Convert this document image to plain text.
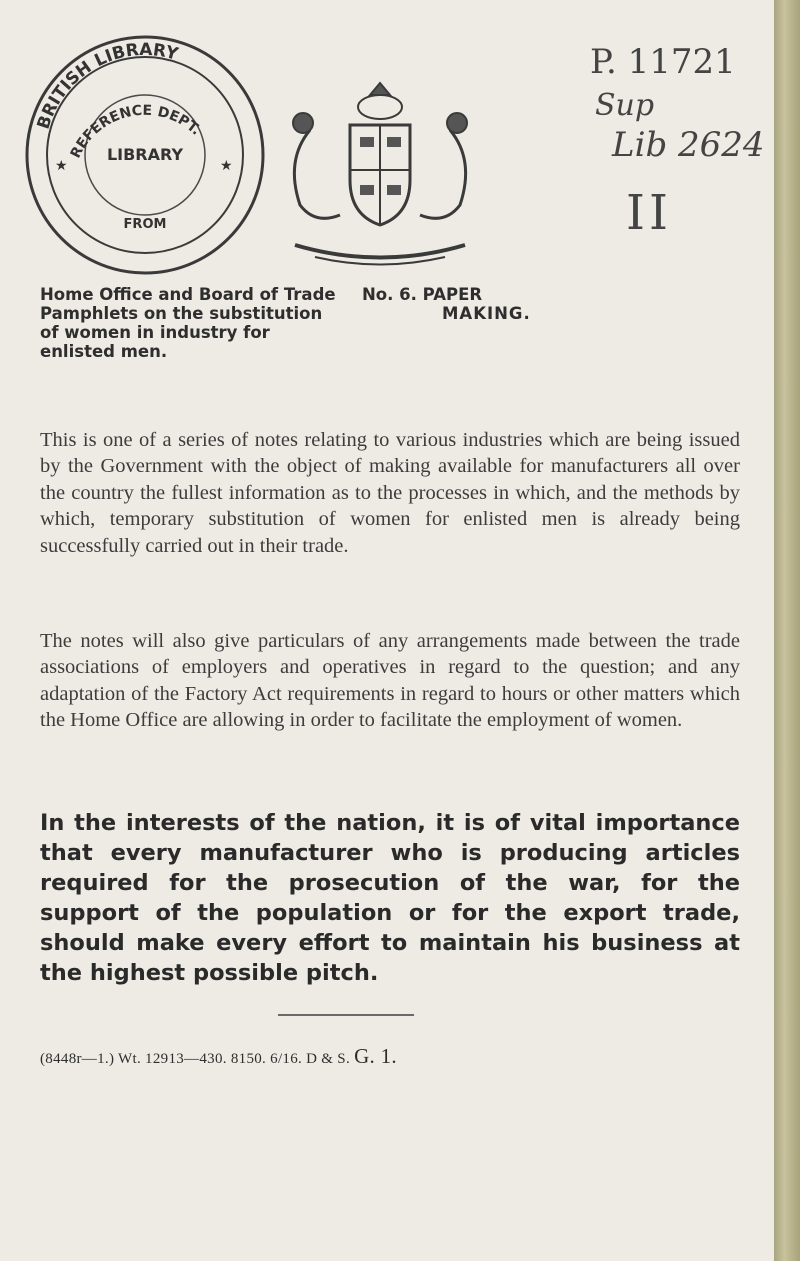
BRITISH LIBRARY
REFERENCE DEPT.
LIBRARY
FROM
★	★
P. 11721
Sup
Lib 2624
II
Home Office and Board of Trade Pamphlets on the substitution of women in industry for enlisted men.
No. 6. PAPER
MAKING.

This is one of a series of notes relating to various industries which are being issued by the Government with the object of making available for manufacturers all over the country the fullest information as to the processes in which, and the methods by which, temporary substitution of women for enlisted men is already being successfully carried out in their trade.

The notes will also give particulars of any arrangements made between the trade associations of employers and operatives in regard to the question; and any adaptation of the Factory Act requirements in regard to hours or other matters which the Home Office are allowing in order to facilitate the employment of women.

In the interests of the nation, it is of vital importance that every manufacturer who is producing articles required for the prosecution of the war, for the support of the population or for the export trade, should make every effort to maintain his business at the highest possible pitch.

(8448r—1.) Wt. 12913—430. 8150. 6/16. D & S. G. 1.
